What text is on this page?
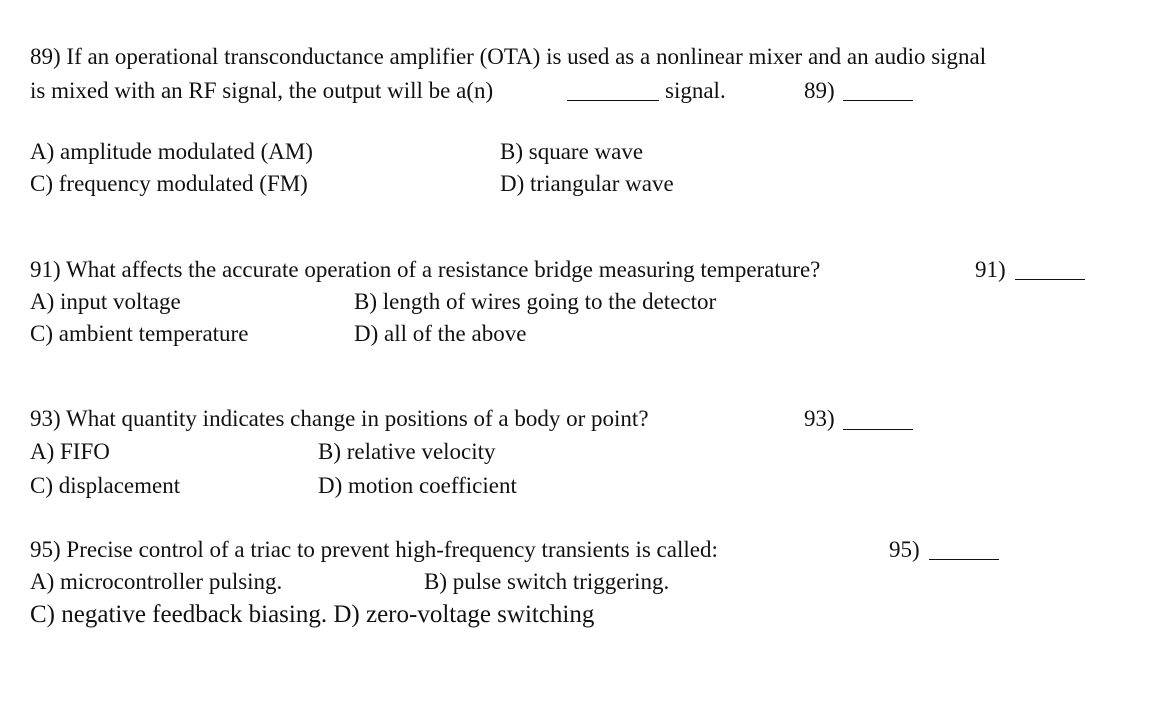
89) If an operational transconductance amplifier (OTA) is used as a nonlinear mixer and an audio signal
is mixed with an RF signal, the output will be a(n)	signal.	89)
A) amplitude modulated (AM)	B) square wave
C) frequency modulated (FM)	D) triangular wave
91) What affects the accurate operation of a resistance bridge measuring temperature?	91)
A) input voltage	B) length of wires going to the detector
C) ambient temperature	D) all of the above
93) What quantity indicates change in positions of a body or point?	93)
A) FIFO	B) relative velocity
C) displacement	D) motion coefficient
95) Precise control of a triac to prevent high-frequency transients is called:	95)
A) microcontroller pulsing.	B) pulse switch triggering.
C) negative feedback biasing. D) zero-voltage switching
